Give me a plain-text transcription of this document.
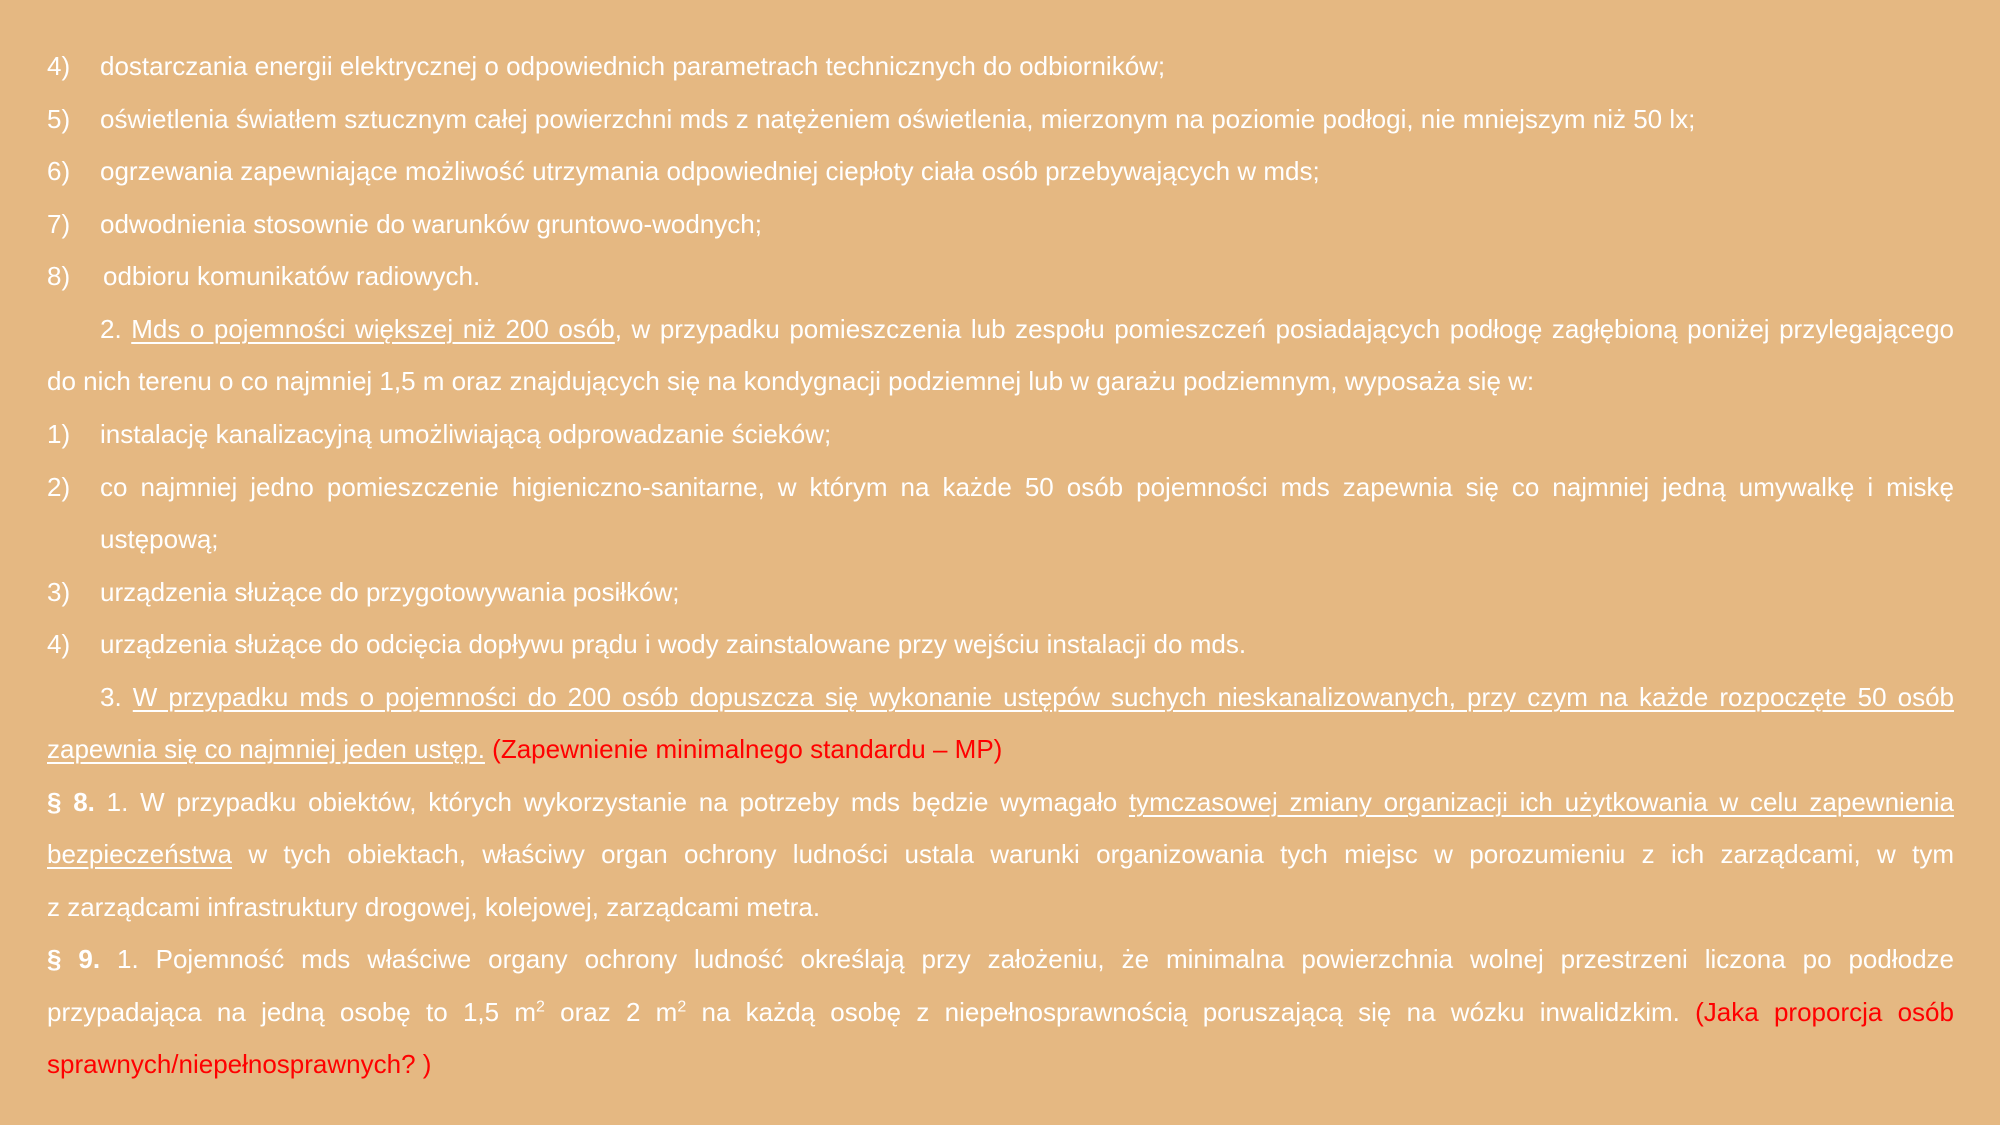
4) dostarczania energii elektrycznej o odpowiednich parametrach technicznych do odbiorników;
5) oświetlenia światłem sztucznym całej powierzchni mds z natężeniem oświetlenia, mierzonym na poziomie podłogi, nie mniejszym niż 50 lx;
6) ogrzewania zapewniające możliwość utrzymania odpowiedniej ciepłoty ciała osób przebywających w mds;
7) odwodnienia stosownie do warunków gruntowo-wodnych;
8) odbioru komunikatów radiowych.
2. Mds o pojemności większej niż 200 osób, w przypadku pomieszczenia lub zespołu pomieszczeń posiadających podłogę zagłębioną poniżej przylegającego
do nich terenu o co najmniej 1,5 m oraz znajdujących się na kondygnacji podziemnej lub w garażu podziemnym, wyposaża się w:
1) instalację kanalizacyjną umożliwiającą odprowadzanie ścieków;
2) co najmniej jedno pomieszczenie higieniczno-sanitarne, w którym na każde 50 osób pojemności mds zapewnia się co najmniej jedną umywalkę i miskę
ustępową;
3) urządzenia służące do przygotowywania posiłków;
4) urządzenia służące do odcięcia dopływu prądu i wody zainstalowane przy wejściu instalacji do mds.
3. W przypadku mds o pojemności do 200 osób dopuszcza się wykonanie ustępów suchych nieskanalizowanych, przy czym na każde rozpoczęte 50 osób
zapewnia się co najmniej jeden ustęp. (Zapewnienie minimalnego standardu – MP)
§ 8. 1. W przypadku obiektów, których wykorzystanie na potrzeby mds będzie wymagało tymczasowej zmiany organizacji ich użytkowania w celu zapewnienia
bezpieczeństwa w tych obiektach, właściwy organ ochrony ludności ustala warunki organizowania tych miejsc w porozumieniu z ich zarządcami, w tym
z zarządcami infrastruktury drogowej, kolejowej, zarządcami metra.
§ 9. 1. Pojemność mds właściwe organy ochrony ludność określają przy założeniu, że minimalna powierzchnia wolnej przestrzeni liczona po podłodze
przypadająca na jedną osobę to 1,5 $m^2$ oraz 2 $m^2$ na każdą osobę z niepełnosprawnością poruszającą się na wózku inwalidzkim. (Jaka proporcja osób
sprawnych/niepełnosprawnych? )
